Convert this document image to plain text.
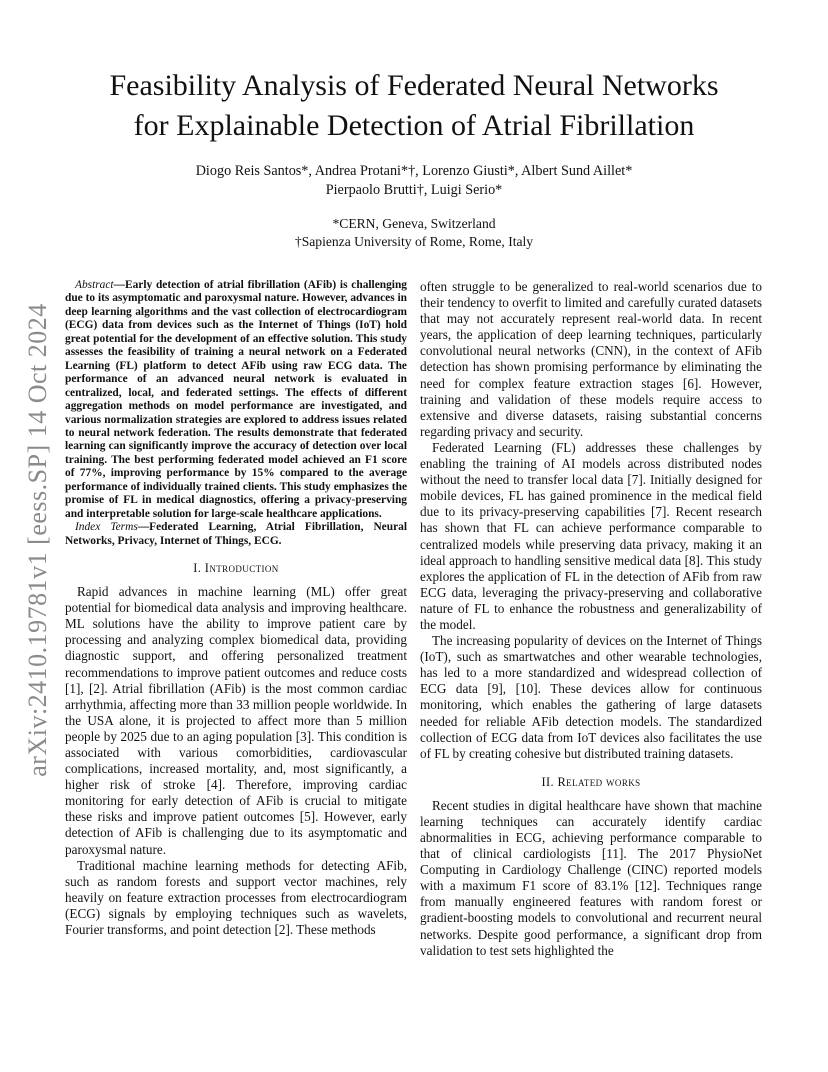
arXiv:2410.19781v1 [eess.SP] 14 Oct 2024
Feasibility Analysis of Federated Neural Networks
for Explainable Detection of Atrial Fibrillation
Diogo Reis Santos*, Andrea Protani*†, Lorenzo Giusti*, Albert Sund Aillet*
Pierpaolo Brutti†, Luigi Serio*
*CERN, Geneva, Switzerland
†Sapienza University of Rome, Rome, Italy

Abstract—Early detection of atrial fibrillation (AFib) is challenging due to its asymptomatic and paroxysmal nature. However, advances in deep learning algorithms and the vast collection of electrocardiogram (ECG) data from devices such as the Internet of Things (IoT) hold great potential for the development of an effective solution. This study assesses the feasibility of training a neural network on a Federated Learning (FL) platform to detect AFib using raw ECG data. The performance of an advanced neural network is evaluated in centralized, local, and federated settings. The effects of different aggregation methods on model performance are investigated, and various normalization strategies are explored to address issues related to neural network federation. The results demonstrate that federated learning can significantly improve the accuracy of detection over local training. The best performing federated model achieved an F1 score of 77%, improving performance by 15% compared to the average performance of individually trained clients. This study emphasizes the promise of FL in medical diagnostics, offering a privacy-preserving and interpretable solution for large-scale healthcare applications.

Index Terms—Federated Learning, Atrial Fibrillation, Neural Networks, Privacy, Internet of Things, ECG.

I. Introduction

Rapid advances in machine learning (ML) offer great potential for biomedical data analysis and improving healthcare. ML solutions have the ability to improve patient care by processing and analyzing complex biomedical data, providing diagnostic support, and offering personalized treatment recommendations to improve patient outcomes and reduce costs [1], [2]. Atrial fibrillation (AFib) is the most common cardiac arrhythmia, affecting more than 33 million people worldwide. In the USA alone, it is projected to affect more than 5 million people by 2025 due to an aging population [3]. This condition is associated with various comorbidities, cardiovascular complications, increased mortality, and, most significantly, a higher risk of stroke [4]. Therefore, improving cardiac monitoring for early detection of AFib is crucial to mitigate these risks and improve patient outcomes [5]. However, early detection of AFib is challenging due to its asymptomatic and paroxysmal nature.

Traditional machine learning methods for detecting AFib, such as random forests and support vector machines, rely heavily on feature extraction processes from electrocardiogram (ECG) signals by employing techniques such as wavelets, Fourier transforms, and point detection [2]. These methods

often struggle to be generalized to real-world scenarios due to their tendency to overfit to limited and carefully curated datasets that may not accurately represent real-world data. In recent years, the application of deep learning techniques, particularly convolutional neural networks (CNN), in the context of AFib detection has shown promising performance by eliminating the need for complex feature extraction stages [6]. However, training and validation of these models require access to extensive and diverse datasets, raising substantial concerns regarding privacy and security.

Federated Learning (FL) addresses these challenges by enabling the training of AI models across distributed nodes without the need to transfer local data [7]. Initially designed for mobile devices, FL has gained prominence in the medical field due to its privacy-preserving capabilities [7]. Recent research has shown that FL can achieve performance comparable to centralized models while preserving data privacy, making it an ideal approach to handling sensitive medical data [8]. This study explores the application of FL in the detection of AFib from raw ECG data, leveraging the privacy-preserving and collaborative nature of FL to enhance the robustness and generalizability of the model.

The increasing popularity of devices on the Internet of Things (IoT), such as smartwatches and other wearable technologies, has led to a more standardized and widespread collection of ECG data [9], [10]. These devices allow for continuous monitoring, which enables the gathering of large datasets needed for reliable AFib detection models. The standardized collection of ECG data from IoT devices also facilitates the use of FL by creating cohesive but distributed training datasets.

II. Related works

Recent studies in digital healthcare have shown that machine learning techniques can accurately identify cardiac abnormalities in ECG, achieving performance comparable to that of clinical cardiologists [11]. The 2017 PhysioNet Computing in Cardiology Challenge (CINC) reported models with a maximum F1 score of 83.1% [12]. Techniques range from manually engineered features with random forest or gradient-boosting models to convolutional and recurrent neural networks. Despite good performance, a significant drop from validation to test sets highlighted the
